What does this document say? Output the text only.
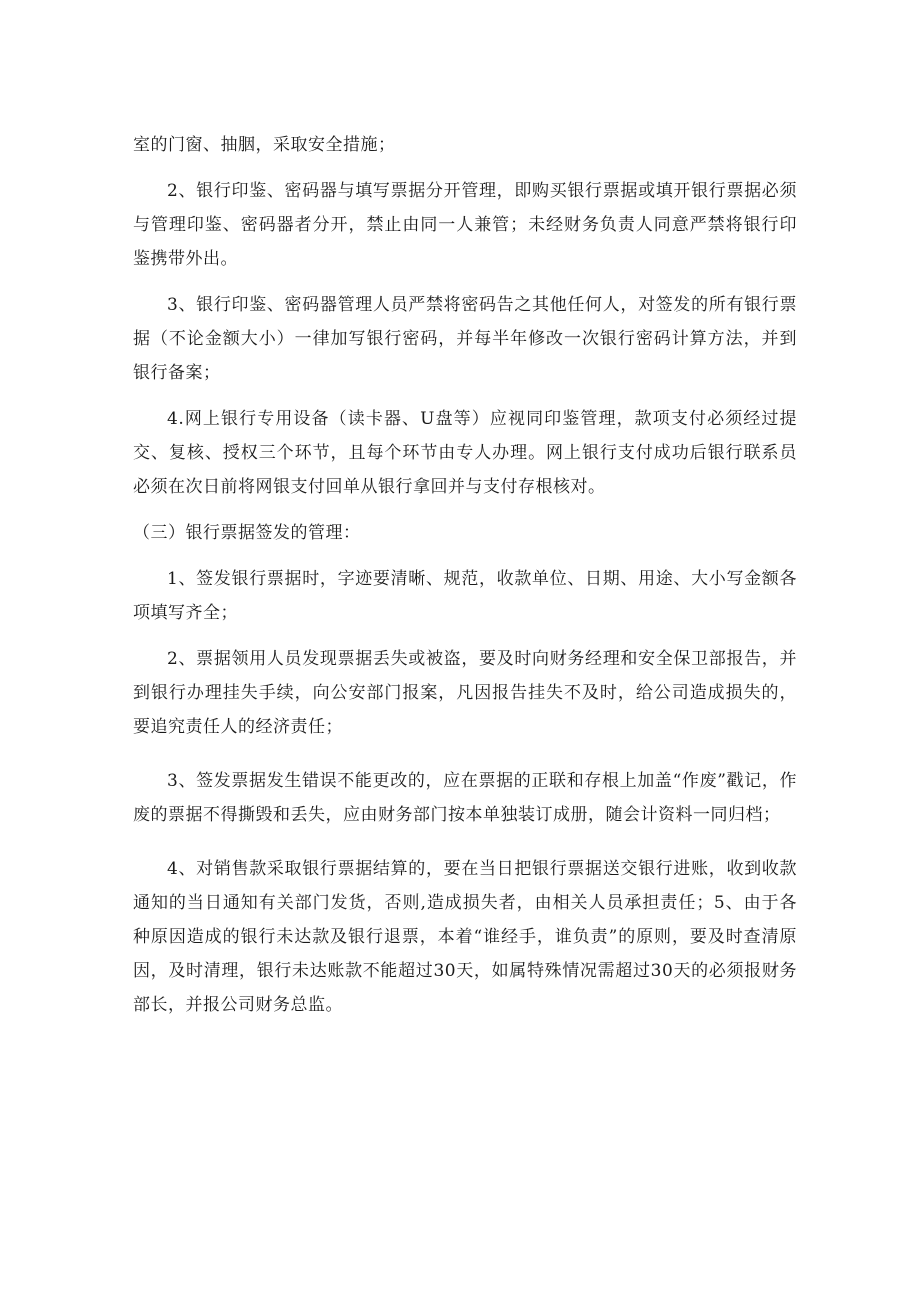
室的门窗、抽胭，采取安全措施；

2、银行印鉴、密码器与填写票据分开管理，即购买银行票据或填开银行票据必须与管理印鉴、密码器者分开，禁止由同一人兼管；未经财务负责人同意严禁将银行印鉴携带外出。

3、银行印鉴、密码器管理人员严禁将密码告之其他任何人，对签发的所有银行票据（不论金额大小）一律加写银行密码，并每半年修改一次银行密码计算方法，并到银行备案；

4.网上银行专用设备（读卡器、U盘等）应视同印鉴管理，款项支付必须经过提交、复核、授权三个环节，且每个环节由专人办理。网上银行支付成功后银行联系员必须在次日前将网银支付回单从银行拿回并与支付存根核对。

（三）银行票据签发的管理：

1、签发银行票据时，字迹要清晰、规范，收款单位、日期、用途、大小写金额各项填写齐全；

2、票据领用人员发现票据丢失或被盗，要及时向财务经理和安全保卫部报告，并到银行办理挂失手续，向公安部门报案，凡因报告挂失不及时，给公司造成损失的，要追究责任人的经济责任；

3、签发票据发生错误不能更改的，应在票据的正联和存根上加盖“作废”戳记，作废的票据不得撕毁和丢失，应由财务部门按本单独装订成册，随会计资料一同归档；

4、对销售款采取银行票据结算的，要在当日把银行票据送交银行进账，收到收款通知的当日通知有关部门发货，否则,造成损失者，由相关人员承担责任；5、由于各种原因造成的银行未达款及银行退票，本着“谁经手，谁负责”的原则，要及时查清原因，及时清理，银行未达账款不能超过30天，如属特殊情况需超过30天的必须报财务部长，并报公司财务总监。
